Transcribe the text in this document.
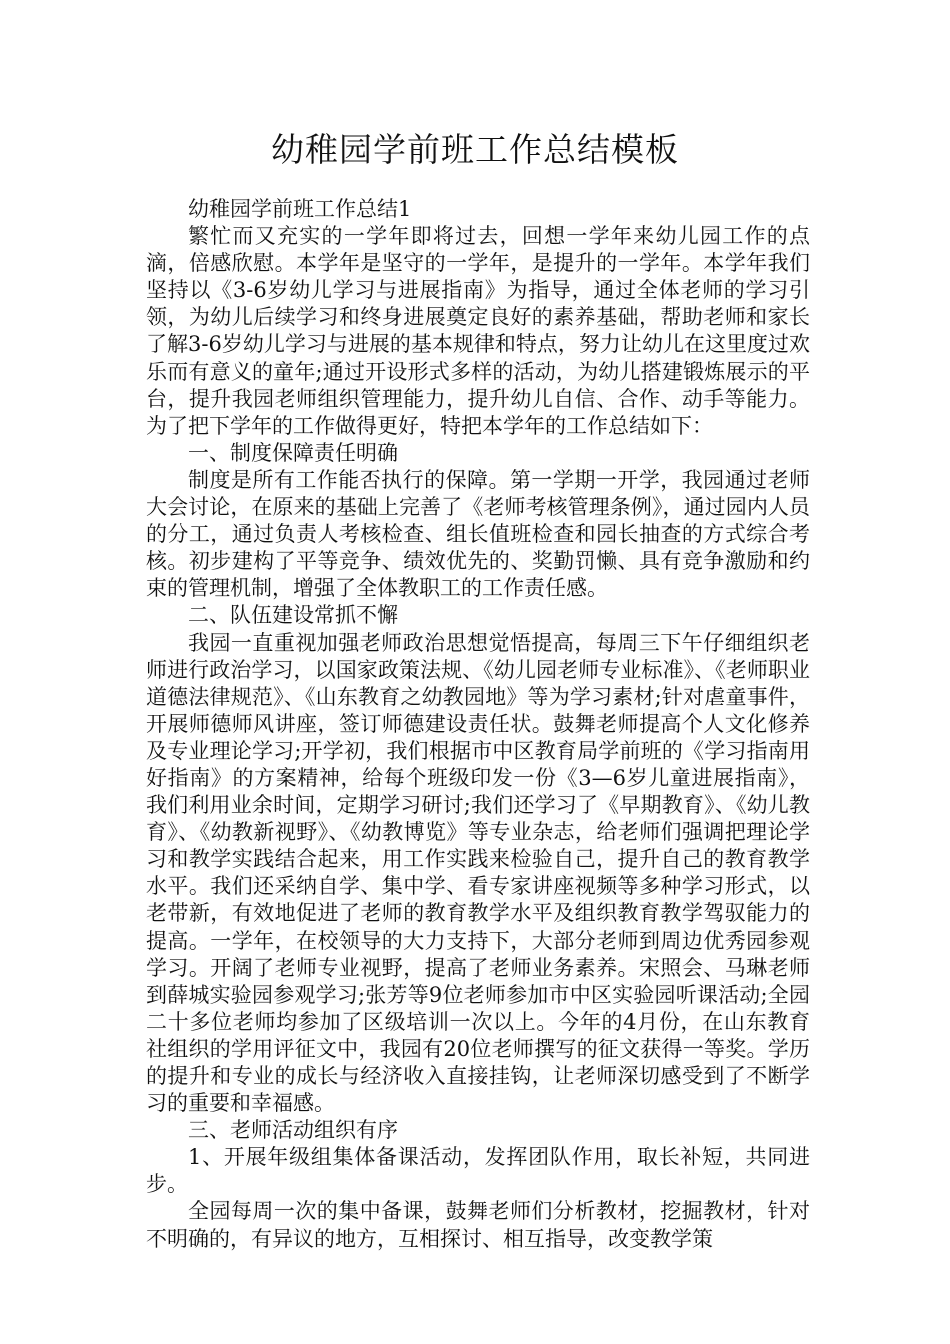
幼稚园学前班工作总结模板

幼稚园学前班工作总结1

繁忙而又充实的一学年即将过去，回想一学年来幼儿园工作的点滴，倍感欣慰。本学年是坚守的一学年，是提升的一学年。本学年我们坚持以《3-6岁幼儿学习与进展指南》为指导，通过全体老师的学习引领，为幼儿后续学习和终身进展奠定良好的素养基础，帮助老师和家长了解3-6岁幼儿学习与进展的基本规律和特点，努力让幼儿在这里度过欢乐而有意义的童年;通过开设形式多样的活动，为幼儿搭建锻炼展示的平台，提升我园老师组织管理能力，提升幼儿自信、合作、动手等能力。为了把下学年的工作做得更好，特把本学年的工作总结如下：

一、制度保障责任明确

制度是所有工作能否执行的保障。第一学期一开学，我园通过老师大会讨论，在原来的基础上完善了《老师考核管理条例》，通过园内人员的分工，通过负责人考核检查、组长值班检查和园长抽查的方式综合考核。初步建构了平等竞争、绩效优先的、奖勤罚懒、具有竞争激励和约束的管理机制，增强了全体教职工的工作责任感。

二、队伍建设常抓不懈

我园一直重视加强老师政治思想觉悟提高，每周三下午仔细组织老师进行政治学习，以国家政策法规、《幼儿园老师专业标准》、《老师职业道德法律规范》、《山东教育之幼教园地》等为学习素材;针对虐童事件，开展师德师风讲座，签订师德建设责任状。鼓舞老师提高个人文化修养及专业理论学习;开学初，我们根据市中区教育局学前班的《学习指南用好指南》的方案精神，给每个班级印发一份《3—6岁儿童进展指南》，我们利用业余时间，定期学习研讨;我们还学习了《早期教育》、《幼儿教育》、《幼教新视野》、《幼教博览》等专业杂志，给老师们强调把理论学习和教学实践结合起来，用工作实践来检验自己，提升自己的教育教学水平。我们还采纳自学、集中学、看专家讲座视频等多种学习形式，以老带新，有效地促进了老师的教育教学水平及组织教育教学驾驭能力的提高。一学年，在校领导的大力支持下，大部分老师到周边优秀园参观学习。开阔了老师专业视野，提高了老师业务素养。宋照会、马琳老师到薛城实验园参观学习;张芳等9位老师参加市中区实验园听课活动;全园二十多位老师均参加了区级培训一次以上。今年的4月份，在山东教育社组织的学用评征文中，我园有20位老师撰写的征文获得一等奖。学历的提升和专业的成长与经济收入直接挂钩，让老师深切感受到了不断学习的重要和幸福感。

三、老师活动组织有序

1、开展年级组集体备课活动，发挥团队作用，取长补短，共同进步。

全园每周一次的集中备课，鼓舞老师们分析教材，挖掘教材，针对不明确的，有异议的地方，互相探讨、相互指导，改变教学策
